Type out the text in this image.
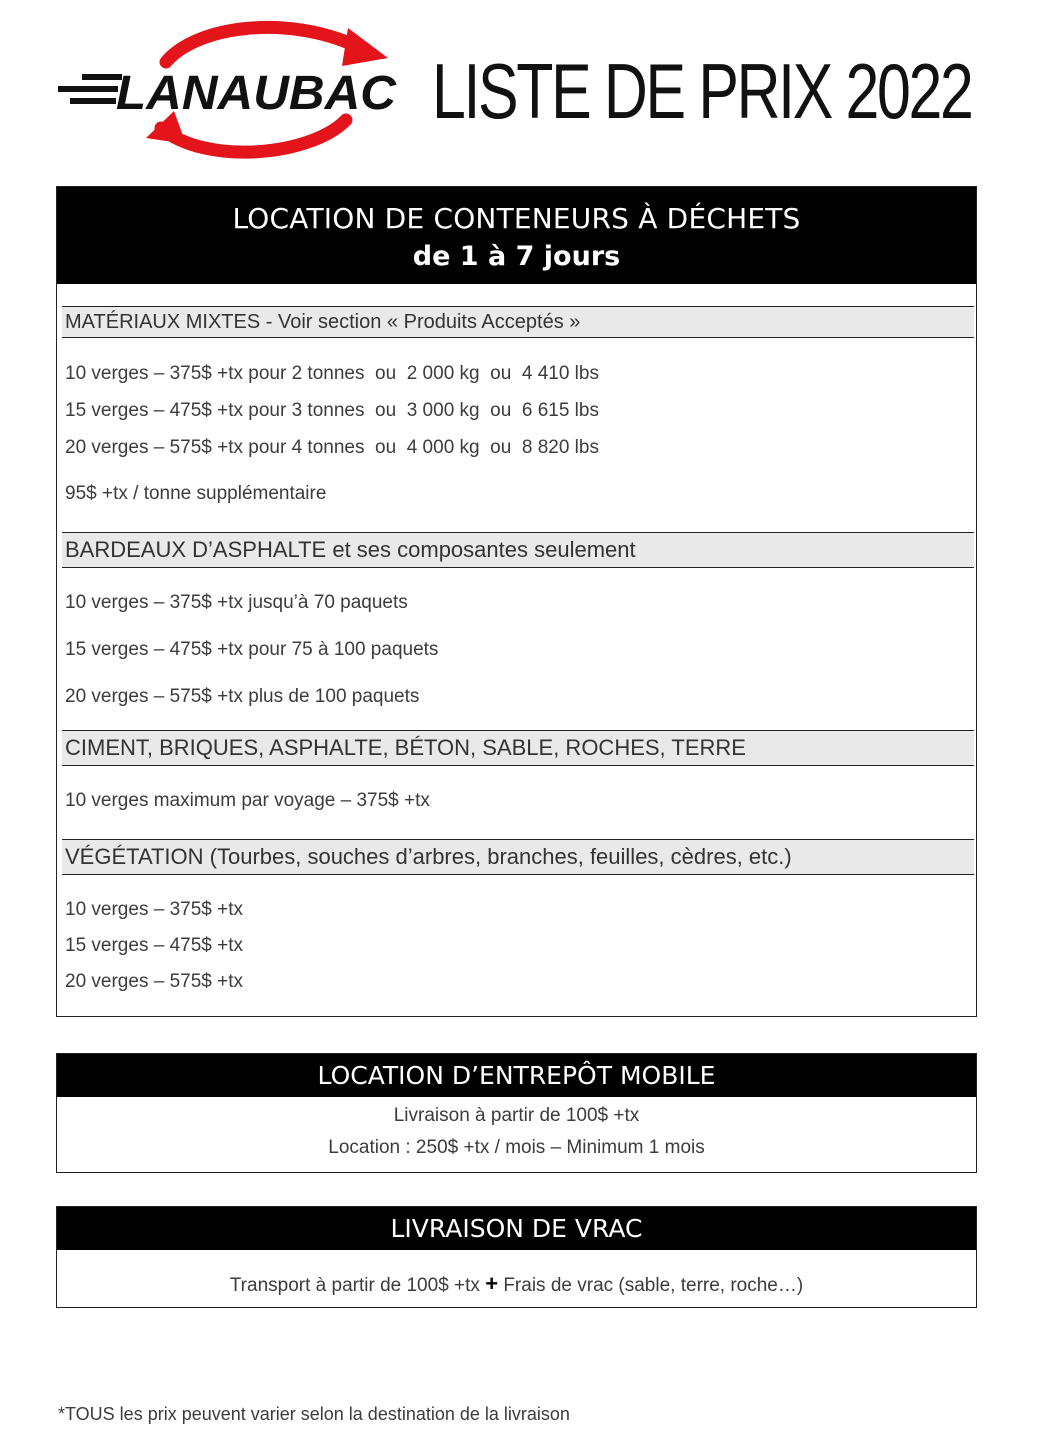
LANAUBAC LISTE DE PRIX 2022
LOCATION DE CONTENEURS À DÉCHETS
de 1 à 7 jours
MATÉRIAUX MIXTES - Voir section « Produits Acceptés »
10 verges – 375$ +tx pour 2 tonnes  ou  2 000 kg  ou  4 410 lbs
15 verges – 475$ +tx pour 3 tonnes  ou  3 000 kg  ou  6 615 lbs
20 verges – 575$ +tx pour 4 tonnes  ou  4 000 kg  ou  8 820 lbs
95$ +tx / tonne supplémentaire
BARDEAUX D’ASPHALTE et ses composantes seulement
10 verges – 375$ +tx jusqu’à 70 paquets
15 verges – 475$ +tx pour 75 à 100 paquets
20 verges – 575$ +tx plus de 100 paquets
CIMENT, BRIQUES, ASPHALTE, BÉTON, SABLE, ROCHES, TERRE
10 verges maximum par voyage – 375$ +tx
VÉGÉTATION (Tourbes, souches d’arbres, branches, feuilles, cèdres, etc.)
10 verges – 375$ +tx
15 verges – 475$ +tx
20 verges – 575$ +tx
LOCATION D’ENTREPÔT MOBILE
Livraison à partir de 100$ +tx
Location : 250$ +tx / mois – Minimum 1 mois
LIVRAISON DE VRAC
Transport à partir de 100$ +tx + Frais de vrac (sable, terre, roche…)
*TOUS les prix peuvent varier selon la destination de la livraison
